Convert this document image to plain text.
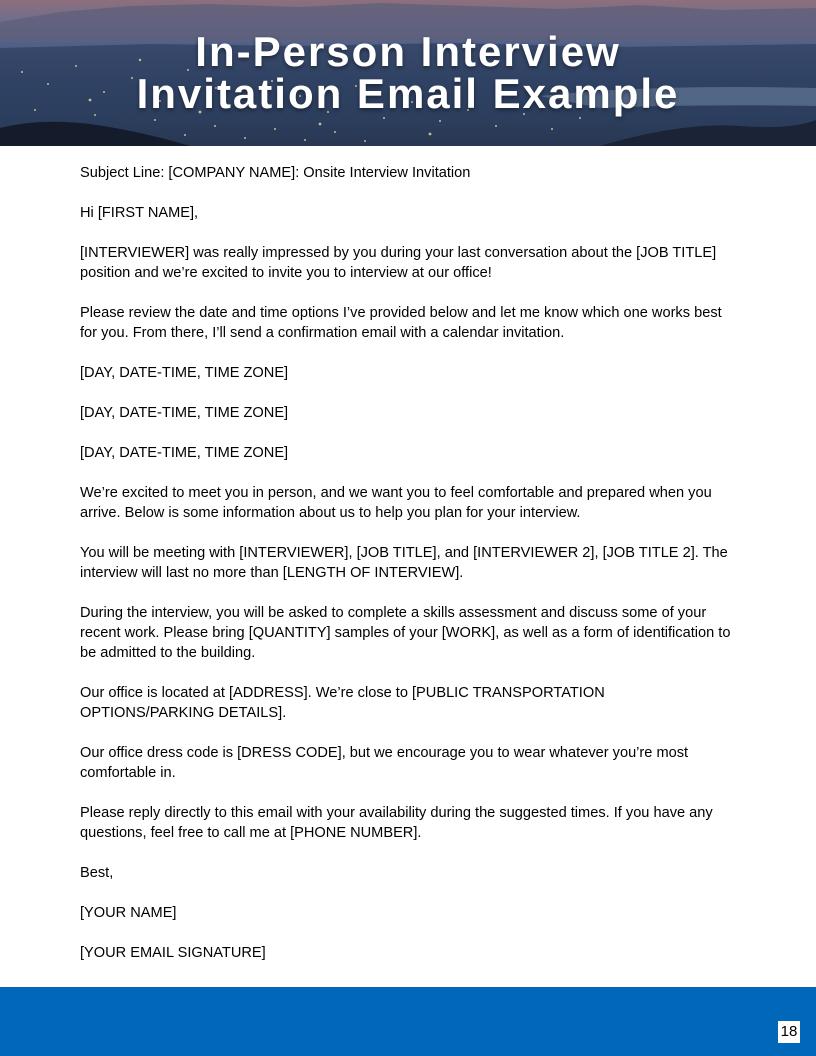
In-Person Interview
Invitation Email Example

Subject Line: [COMPANY NAME]: Onsite Interview Invitation

Hi [FIRST NAME],

[INTERVIEWER] was really impressed by you during your last conversation about the [JOB TITLE] position and we’re excited to invite you to interview at our office!

Please review the date and time options I’ve provided below and let me know which one works best for you. From there, I’ll send a confirmation email with a calendar invitation.

[DAY, DATE-TIME, TIME ZONE]

[DAY, DATE-TIME, TIME ZONE]

[DAY, DATE-TIME, TIME ZONE]

We’re excited to meet you in person, and we want you to feel comfortable and prepared when you arrive. Below is some information about us to help you plan for your interview.

You will be meeting with [INTERVIEWER], [JOB TITLE], and [INTERVIEWER 2], [JOB TITLE 2]. The interview will last no more than [LENGTH OF INTERVIEW].

During the interview, you will be asked to complete a skills assessment and discuss some of your recent work. Please bring [QUANTITY] samples of your [WORK], as well as a form of identification to be admitted to the building.

Our office is located at [ADDRESS]. We’re close to [PUBLIC TRANSPORTATION OPTIONS/PARKING DETAILS].

Our office dress code is [DRESS CODE], but we encourage you to wear whatever you’re most comfortable in.

Please reply directly to this email with your availability during the suggested times. If you have any questions, feel free to call me at [PHONE NUMBER].

Best,

[YOUR NAME]

[YOUR EMAIL SIGNATURE]

18
